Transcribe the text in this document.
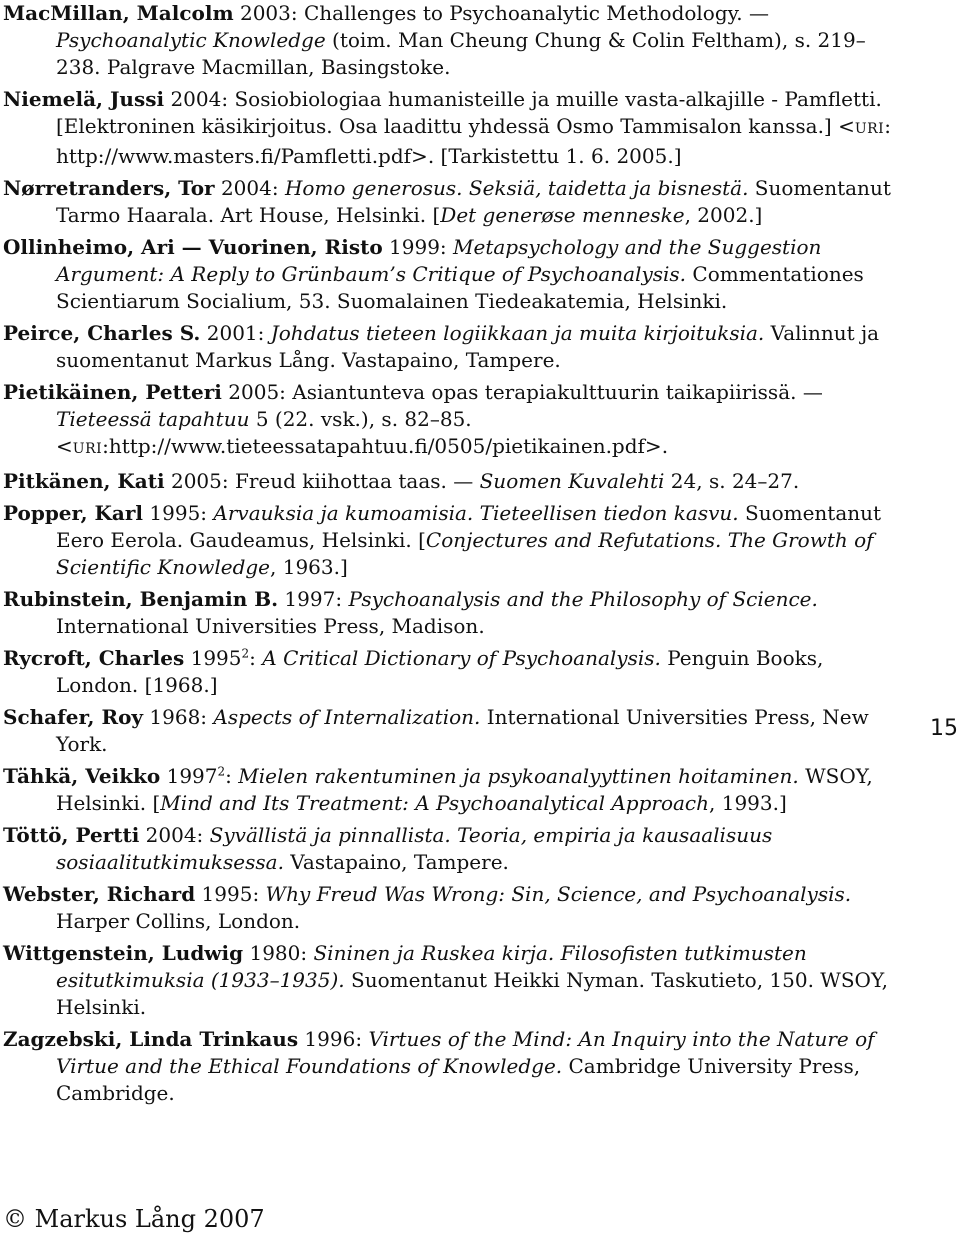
MacMillan, Malcolm 2003: Challenges to Psychoanalytic Methodology. — Psychoanalytic Knowledge (toim. Man Cheung Chung & Colin Feltham), s. 219–238. Palgrave Macmillan, Basingstoke.

Niemelä, Jussi 2004: Sosiobiologiaa humanisteille ja muille vasta-alkajille - Pamfletti. [Elektroninen käsikirjoitus. Osa laadittu yhdessä Osmo Tammisalon kanssa.] <URI: http://www.masters.fi/Pamfletti.pdf>. [Tarkistettu 1. 6. 2005.]

Nørretranders, Tor 2004: Homo generosus. Seksiä, taidetta ja bisnestä. Suomentanut Tarmo Haarala. Art House, Helsinki. [Det generøse menneske, 2002.]

Ollinheimo, Ari — Vuorinen, Risto 1999: Metapsychology and the Suggestion Argument: A Reply to Grünbaum’s Critique of Psychoanalysis. Commentationes Scientiarum Socialium, 53. Suomalainen Tiedeakatemia, Helsinki.

Peirce, Charles S. 2001: Johdatus tieteen logiikkaan ja muita kirjoituksia. Valinnut ja suomentanut Markus Lång. Vastapaino, Tampere.

Pietikäinen, Petteri 2005: Asiantunteva opas terapiakulttuurin taikapiirissä. — Tieteessä tapahtuu 5 (22. vsk.), s. 82–85. <URI:http://www.tieteessatapahtuu.fi/0505/pietikainen.pdf>.

Pitkänen, Kati 2005: Freud kiihottaa taas. — Suomen Kuvalehti 24, s. 24–27.

Popper, Karl 1995: Arvauksia ja kumoamisia. Tieteellisen tiedon kasvu. Suomentanut Eero Eerola. Gaudeamus, Helsinki. [Conjectures and Refutations. The Growth of Scientific Knowledge, 1963.]

Rubinstein, Benjamin B. 1997: Psychoanalysis and the Philosophy of Science. International Universities Press, Madison.

Rycroft, Charles 1995$^2$: A Critical Dictionary of Psychoanalysis. Penguin Books, London. [1968.]

Schafer, Roy 1968: Aspects of Internalization. International Universities Press, New York.

Tähkä, Veikko 1997$^2$: Mielen rakentuminen ja psykoanalyyttinen hoitaminen. WSOY, Helsinki. [Mind and Its Treatment: A Psychoanalytical Approach, 1993.]

Töttö, Pertti 2004: Syvällistä ja pinnallista. Teoria, empiria ja kausaalisuus sosiaalitutkimuksessa. Vastapaino, Tampere.

Webster, Richard 1995: Why Freud Was Wrong: Sin, Science, and Psychoanalysis. Harper Collins, London.

Wittgenstein, Ludwig 1980: Sininen ja Ruskea kirja. Filosofisten tutkimusten esitutkimuksia (1933–1935). Suomentanut Heikki Nyman. Taskutieto, 150. WSOY, Helsinki.

Zagzebski, Linda Trinkaus 1996: Virtues of the Mind: An Inquiry into the Nature of Virtue and the Ethical Foundations of Knowledge. Cambridge University Press, Cambridge.

15
© Markus Lång 2007
